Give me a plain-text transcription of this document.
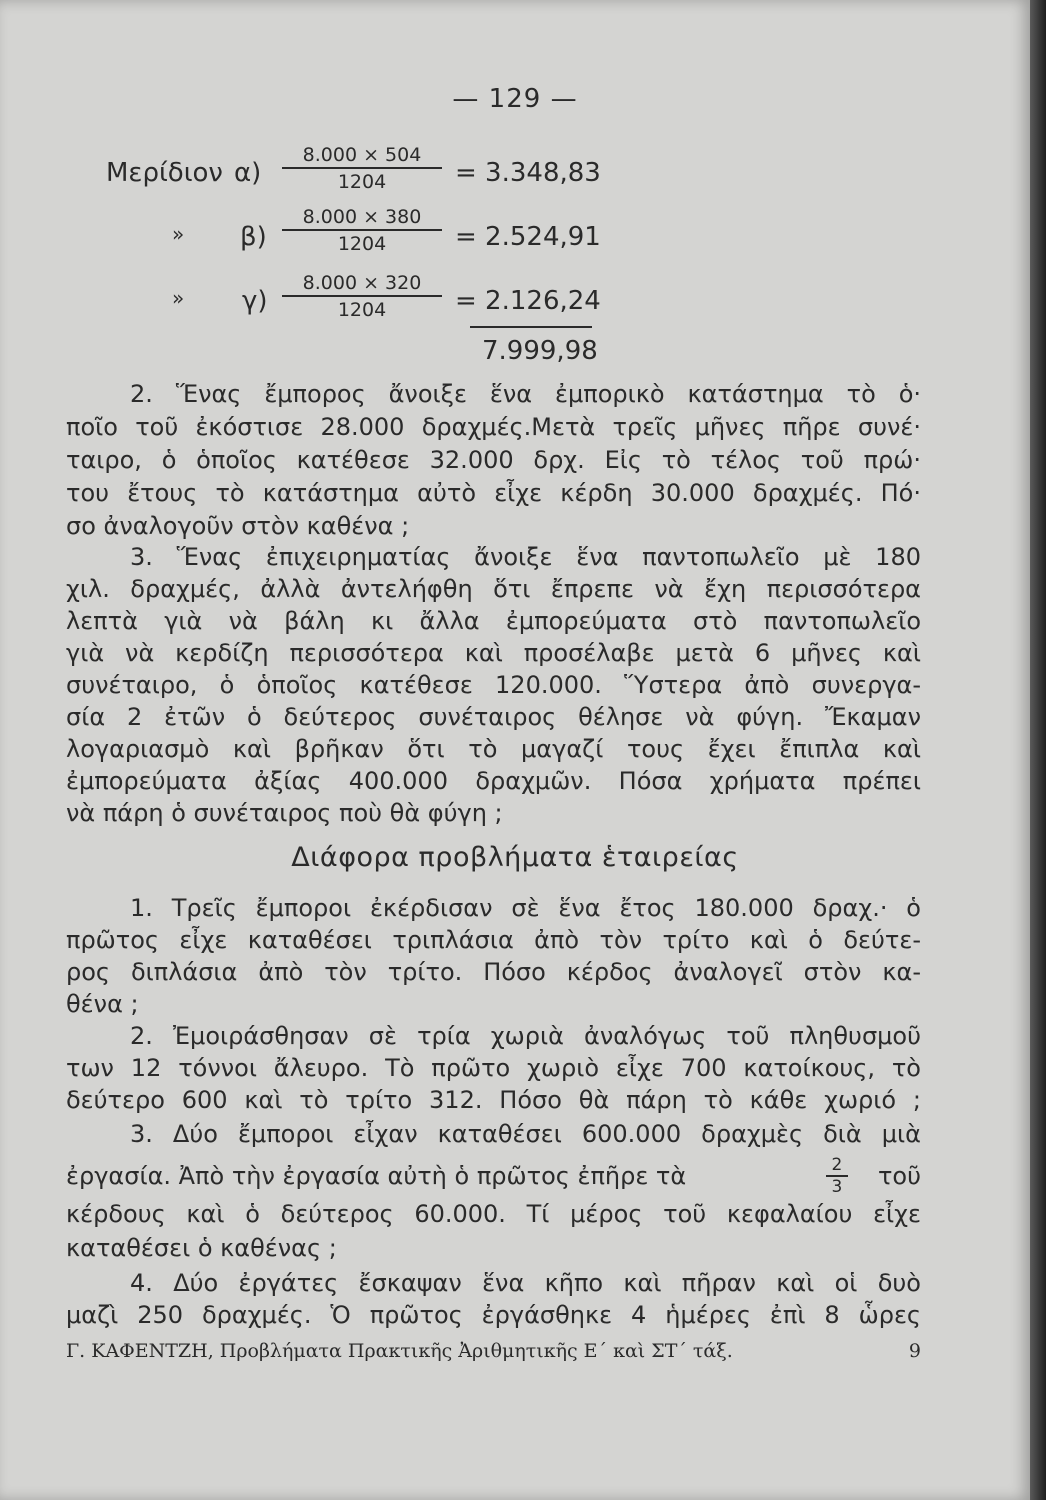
— 129 —
Μερίδιον α)
8.000 × 504
1204	= 3.348,83
» β)
8.000 × 380
1204	= 2.524,91
» γ)
8.000 × 320
1204	= 2.126,24
7.999,98
2. Ἕνας ἔμπορος ἄνοιξε ἕνα ἐμπορικὸ κατάστημα τὸ ὁ·
ποῖο τοῦ ἐκόστισε 28.000 δραχμές.Μετὰ τρεῖς μῆνες πῆρε συνέ·
ταιρο, ὁ ὁποῖος κατέθεσε 32.000 δρχ. Εἰς τὸ τέλος τοῦ πρώ·
του ἔτους τὸ κατάστημα αὐτὸ εἶχε κέρδη 30.000 δραχμές. Πό·
σο ἀναλογοῦν στὸν καθένα ;
3. Ἕνας ἐπιχειρηματίας ἄνοιξε ἕνα παντοπωλεῖο μὲ 180
χιλ. δραχμές, ἀλλὰ ἀντελήφθη ὅτι ἔπρεπε νὰ ἔχη περισσότερα
λεπτὰ γιὰ νὰ βάλη κι ἄλλα ἐμπορεύματα στὸ παντοπωλεῖο
γιὰ νὰ κερδίζη περισσότερα καὶ προσέλαβε μετὰ 6 μῆνες καὶ
συνέταιρο, ὁ ὁποῖος κατέθεσε 120.000. Ὕστερα ἀπὸ συνεργα-
σία 2 ἐτῶν ὁ δεύτερος συνέταιρος θέλησε νὰ φύγη. Ἔκαμαν
λογαριασμὸ καὶ βρῆκαν ὅτι τὸ μαγαζί τους ἔχει ἔπιπλα καὶ
ἐμπορεύματα ἀξίας 400.000 δραχμῶν. Πόσα χρήματα πρέπει
νὰ πάρη ὁ συνέταιρος ποὺ θὰ φύγη ;
Διάφορα προβλήματα ἑταιρείας
1. Τρεῖς ἔμποροι ἐκέρδισαν σὲ ἕνα ἔτος 180.000 δραχ.· ὁ
πρῶτος εἶχε καταθέσει τριπλάσια ἀπὸ τὸν τρίτο καὶ ὁ δεύτε-
ρος διπλάσια ἀπὸ τὸν τρίτο. Πόσο κέρδος ἀναλογεῖ στὸν κα-
θένα ;
2. Ἐμοιράσθησαν σὲ τρία χωριὰ ἀναλόγως τοῦ πληθυσμοῦ
των 12 τόννοι ἄλευρο. Τὸ πρῶτο χωριὸ εἶχε 700 κατοίκους, τὸ
δεύτερο 600 καὶ τὸ τρίτο 312. Πόσο θὰ πάρη τὸ κάθε χωριό ;
3. Δύο ἔμποροι εἶχαν καταθέσει 600.000 δραχμὲς διὰ μιὰ
ἐργασία. Ἀπὸ τὴν ἐργασία αὐτὴ ὁ πρῶτος ἐπῆρε τὰ	$\frac{2}{3}$ τοῦ
κέρδους καὶ ὁ δεύτερος 60.000. Τί μέρος τοῦ κεφαλαίου εἶχε
καταθέσει ὁ καθένας ;
4. Δύο ἐργάτες ἔσκαψαν ἕνα κῆπο καὶ πῆραν καὶ οἱ δυὸ
μαζὶ 250 δραχμές. Ὁ πρῶτος ἐργάσθηκε 4 ἡμέρες ἐπὶ 8 ὧρες
Γ. ΚΑΦΕΝΤΖΗ, Προβλήματα Πρακτικῆς Ἀριθμητικῆς Ε΄ καὶ ΣΤ΄ τάξ.	9
